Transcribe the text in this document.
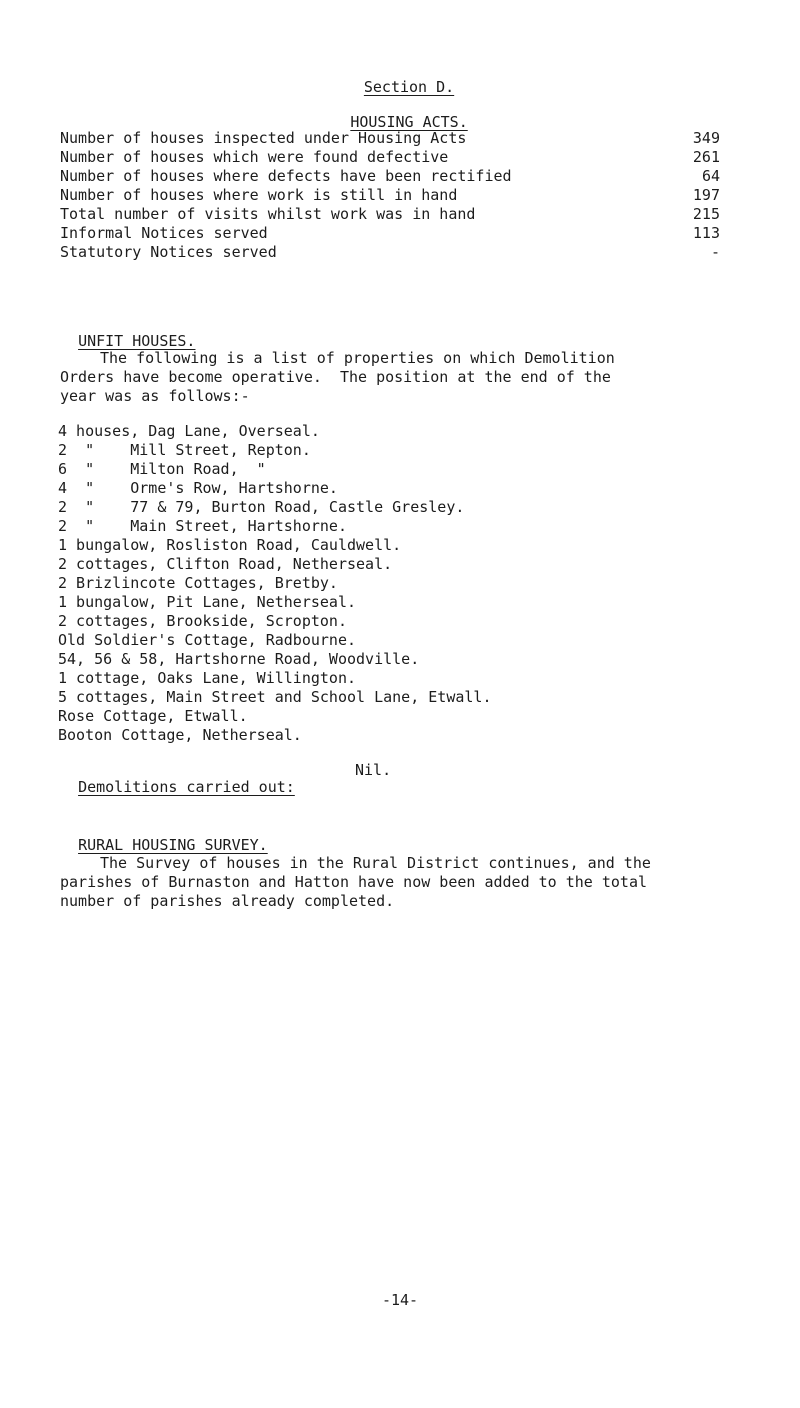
Section D.

HOUSING ACTS.

Number of houses inspected under Housing Acts	349
Number of houses which were found defective	261
Number of houses where defects have been rectified	64
Number of houses where work is still in hand	197
Total number of visits whilst work was in hand	215
Informal Notices served	113
Statutory Notices served	-

UNFIT HOUSES.

The following is a list of properties on which Demolition
Orders have become operative.  The position at the end of the
year was as follows:-
4 houses, Dag Lane, Overseal.
2  "    Mill Street, Repton.
6  "    Milton Road,  "
4  "    Orme's Row, Hartshorne.
2  "    77 & 79, Burton Road, Castle Gresley.
2  "    Main Street, Hartshorne.
1 bungalow, Rosliston Road, Cauldwell.
2 cottages, Clifton Road, Netherseal.
2 Brizlincote Cottages, Bretby.
1 bungalow, Pit Lane, Netherseal.
2 cottages, Brookside, Scropton.
Old Soldier's Cottage, Radbourne.
54, 56 & 58, Hartshorne Road, Woodville.
1 cottage, Oaks Lane, Willington.
5 cottages, Main Street and School Lane, Etwall.
Rose Cottage, Etwall.
Booton Cottage, Netherseal.

Demolitions carried out:

Nil.

RURAL HOUSING SURVEY.

The Survey of houses in the Rural District continues, and the
parishes of Burnaston and Hatton have now been added to the total
number of parishes already completed.
-14-
